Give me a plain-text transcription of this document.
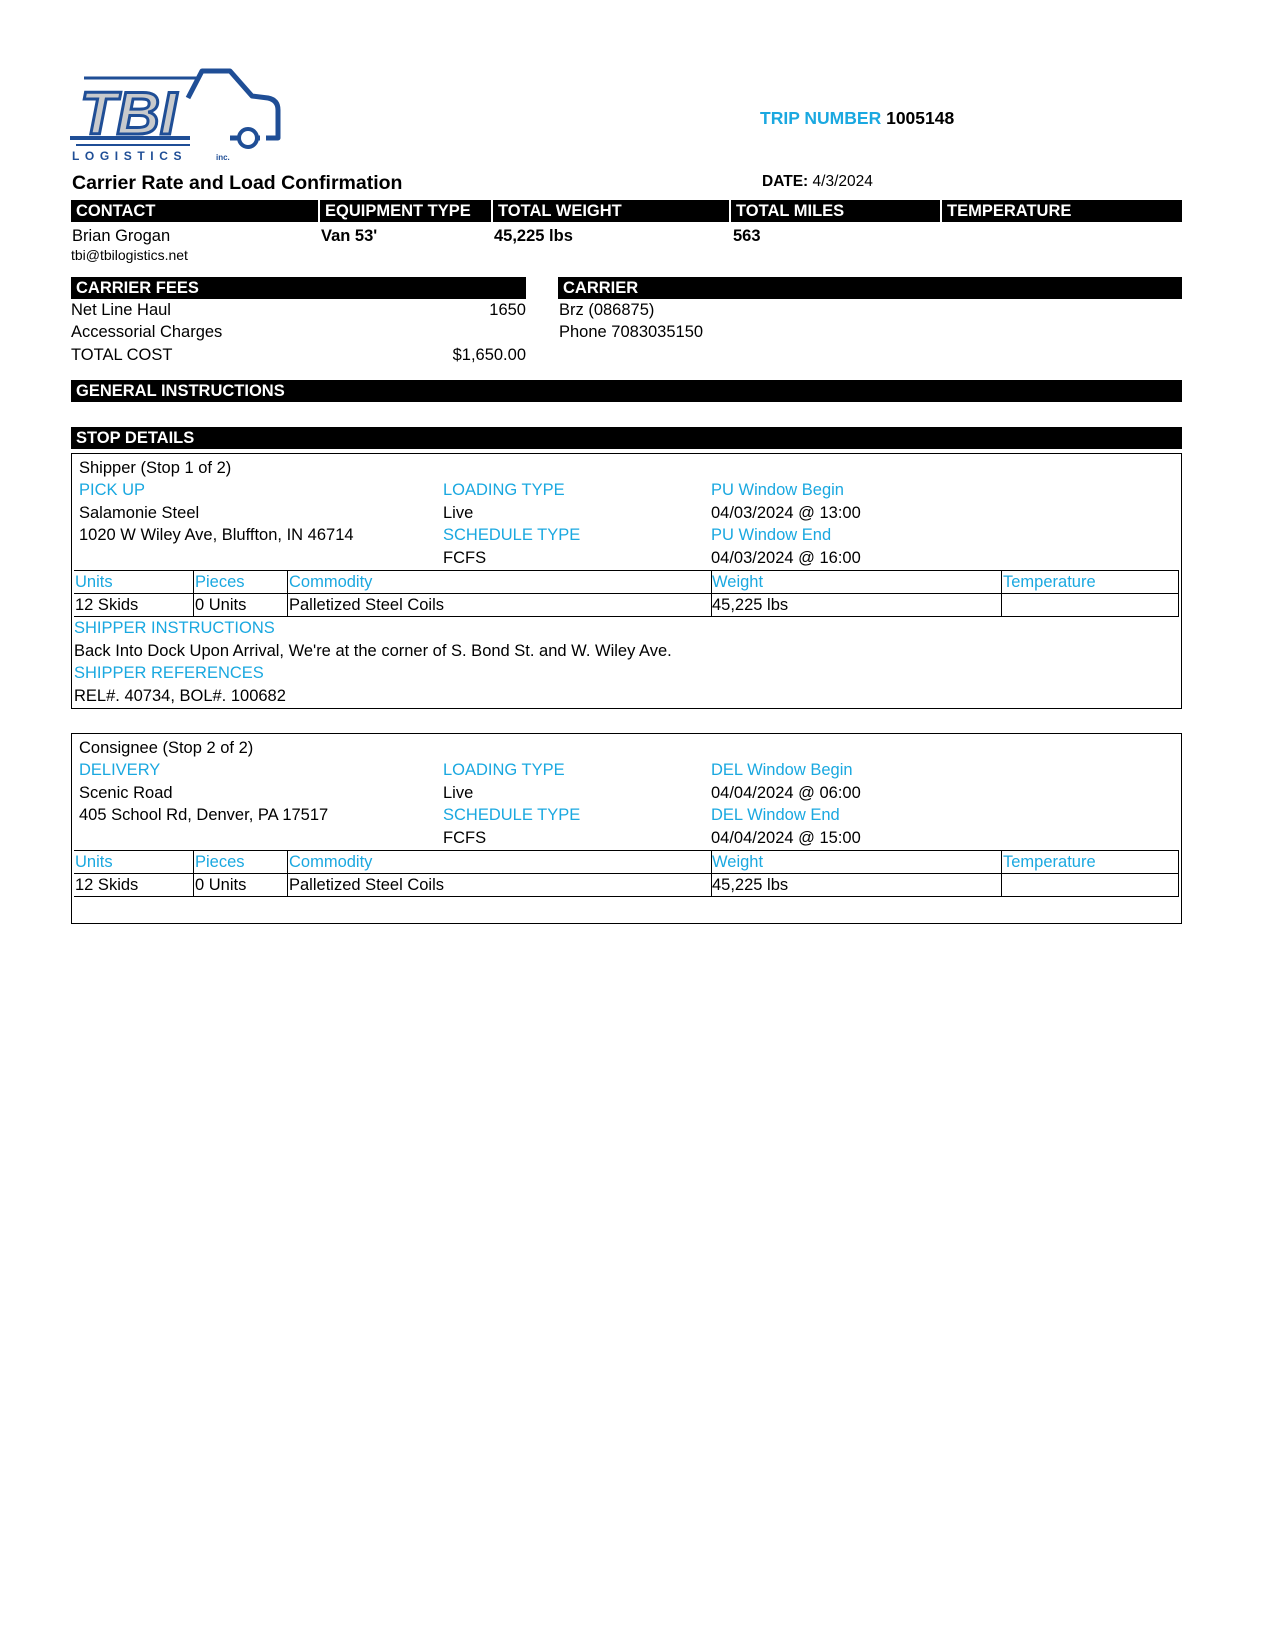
TBI
LOGISTICS	inc.
TRIP NUMBER 1005148
Carrier Rate and Load Confirmation	DATE: 4/3/2024
CONTACT	EQUIPMENT TYPE	TOTAL WEIGHT	TOTAL MILES	TEMPERATURE
Brian Grogan
tbi@tbilogistics.net
Van 53'	45,225 lbs	563
CARRIER FEES
Net Line Haul	1650
Accessorial Charges
TOTAL COST	$1,650.00
CARRIER
Brz (086875)
Phone 7083035150
GENERAL INSTRUCTIONS
STOP DETAILS
Shipper (Stop 1 of 2)
PICK UP
Salamonie Steel
1020 W Wiley Ave, Bluffton, IN 46714
LOADING TYPE
Live
SCHEDULE TYPE
FCFS
PU Window Begin
04/03/2024 @ 13:00
PU Window End
04/03/2024 @ 16:00
Units	Pieces	Commodity	Weight	Temperature
12 Skids	0 Units	Palletized Steel Coils	45,225 lbs
SHIPPER INSTRUCTIONS
Back Into Dock Upon Arrival, We're at the corner of S. Bond St. and W. Wiley Ave.
SHIPPER REFERENCES
REL#. 40734, BOL#. 100682
Consignee (Stop 2 of 2)
DELIVERY
Scenic Road
405 School Rd, Denver, PA 17517
LOADING TYPE
Live
SCHEDULE TYPE
FCFS
DEL Window Begin
04/04/2024 @ 06:00
DEL Window End
04/04/2024 @ 15:00
Units	Pieces	Commodity	Weight	Temperature
12 Skids	0 Units	Palletized Steel Coils	45,225 lbs
